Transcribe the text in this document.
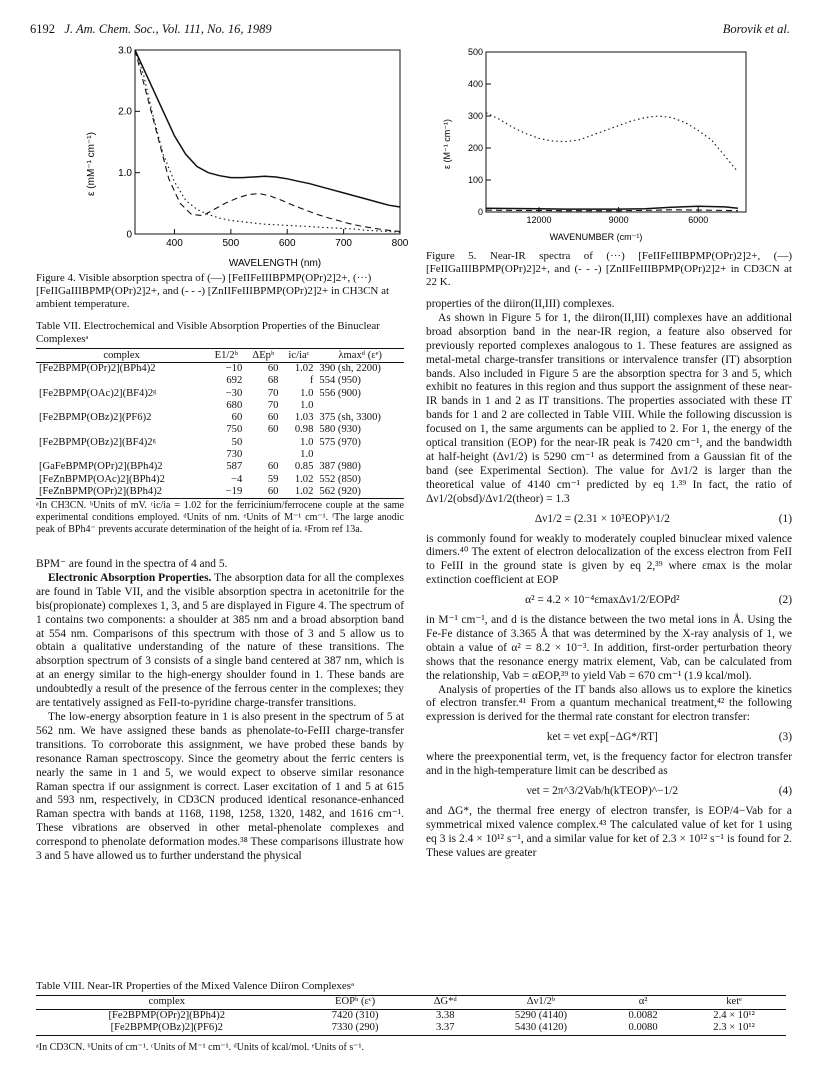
6192 J. Am. Chem. Soc., Vol. 111, No. 16, 1989	Borovik et al.
400	500	600	700	800
0
1.0
2.0
3.0
WAVELENGTH (nm)
ε (mM⁻¹ cm⁻¹)
Figure 4. Visible absorption spectra of (—) [FeIIFeIIIBPMP(OPr)2]2+, (···) [FeIIGaIIIBPMP(OPr)2]2+, and (- - -) [ZnIIFeIIIBPMP(OPr)2]2+ in CH3CN at ambient temperature.
Table VII. Electrochemical and Visible Absorption Properties of the Binuclear Complexesᵃ
complex	E1/2ᵇ	ΔEpᵇ	ic/iaᶜ	λmaxᵈ (εᵉ)
[Fe2BPMP(OPr)2](BPh4)2	−10	60	1.02	390 (sh, 2200)
	692	68	f	554 (950)
[Fe2BPMP(OAc)2](BF4)2ᵍ	−30	70	1.0	556 (900)
	680	70	1.0	
[Fe2BPMP(OBz)2](PF6)2	60	60	1.03	375 (sh, 3300)
	750	60	0.98	580 (930)
[Fe2BPMP(OBz)2](BF4)2ᵍ	50		1.0	575 (970)
	730		1.0	
[GaFeBPMP(OPr)2](BPh4)2	587	60	0.85	387 (980)
[FeZnBPMP(OAc)2](BPh4)2	−4	59	1.02	552 (850)
[FeZnBPMP(OPr)2](BPh4)2	−19	60	1.02	562 (920)
ᵃIn CH3CN. ᵇUnits of mV. ᶜic/ia = 1.02 for the ferricinium/ferrocene couple at the same experimental conditions employed. ᵈUnits of nm. ᵉUnits of M⁻¹ cm⁻¹. ᶠThe large anodic peak of BPh4⁻ prevents accurate determination of the height of ia. ᵍFrom ref 13a.

BPM⁻ are found in the spectra of 4 and 5.

Electronic Absorption Properties. The absorption data for all the complexes are found in Table VII, and the visible absorption spectra in acetonitrile for the bis(propionate) complexes 1, 3, and 5 are displayed in Figure 4. The spectrum of 1 contains two components: a shoulder at 385 nm and a broad absorption band at 554 nm. Comparisons of this spectrum with those of 3 and 5 allow us to obtain a qualitative understanding of the nature of these transitions. The absorption spectrum of 3 consists of a single band centered at 387 nm, which is at an energy similar to the high-energy shoulder found in 1. These bands are undoubtedly a result of the presence of the ferrous center in the complexes; they are tentatively assigned as FeII-to-pyridine charge-transfer transitions.

The low-energy absorption feature in 1 is also present in the spectrum of 5 at 562 nm. We have assigned these bands as phenolate-to-FeIII charge-transfer transitions. To corroborate this assignment, we have probed these bands by resonance Raman spectroscopy. Since the geometry about the ferric centers is nearly the same in 1 and 5, we would expect to observe similar resonance Raman spectra if our assignment is correct. Laser excitation of 1 and 5 at 615 and 593 nm, respectively, in CD3CN produced identical resonance-enhanced Raman spectra with bands at 1168, 1198, 1258, 1320, 1482, and 1616 cm⁻¹. These vibrations are observed in other metal-phenolate complexes and correspond to phenolate deformation modes.³⁸ These comparisons illustrate how 3 and 5 have allowed us to further understand the physical

12000	9000	6000
0
100
200
300
400
500
WAVENUMBER (cm⁻¹)
ε (M⁻¹ cm⁻¹)
Figure 5. Near-IR spectra of (···) [FeIIFeIIIBPMP(OPr)2]2+, (—) [FeIIGaIIIBPMP(OPr)2]2+, and (- - -) [ZnIIFeIIIBPMP(OPr)2]2+ in CD3CN at 22 K.

properties of the diiron(II,III) complexes.

As shown in Figure 5 for 1, the diiron(II,III) complexes have an additional broad absorption band in the near-IR region, a feature also observed for previously reported complexes analogous to 1. These features are assigned as metal-metal charge-transfer transitions or intervalence transfer (IT) absorption bands. Also included in Figure 5 are the absorption spectra for 3 and 5, which exhibit no features in this region and thus support the assignment of these near-IR bands in 1 and 2 as IT transitions. The properties associated with these IT bands for 1 and 2 are collected in Table VIII. While the following discussion is focused on 1, the same arguments can be applied to 2. For 1, the energy of the optical transition (EOP) for the near-IR peak is 7420 cm⁻¹, and the bandwidth at half-height (Δν1/2) is 5290 cm⁻¹ as determined from a Gaussian fit of the band (see Experimental Section). The value for Δν1/2 is larger than the theoretical value of 4140 cm⁻¹ predicted by eq 1.³⁹ In fact, the ratio of Δν1/2(obsd)/Δν1/2(theor) = 1.3

Δν1/2 = (2.31 × 10³EOP)^1/2	(1)

is commonly found for weakly to moderately coupled binuclear mixed valence dimers.⁴⁰ The extent of electron delocalization of the excess electron from FeII to FeIII in the ground state is given by eq 2,³⁹ where εmax is the molar extinction coefficient at EOP

α² = 4.2 × 10⁻⁴εmaxΔν1/2/EOPd²	(2)

in M⁻¹ cm⁻¹, and d is the distance between the two metal ions in Å. Using the Fe-Fe distance of 3.365 Å that was determined by the X-ray analysis of 1, we obtain a value of α² = 8.2 × 10⁻³. In addition, first-order perturbation theory shows that the resonance energy matrix element, Vab, can be calculated from the relationship, Vab = αEOP,³⁹ to yield Vab = 670 cm⁻¹ (1.9 kcal/mol).

Analysis of properties of the IT bands also allows us to explore the kinetics of electron transfer.⁴¹ From a quantum mechanical treatment,⁴² the following expression is derived for the thermal rate constant for electron transfer:

ket = νet exp[−ΔG*/RT]	(3)

where the preexponential term, νet, is the frequency factor for electron transfer and in the high-temperature limit can be described as

νet = 2π^3/2Vab/h(kTEOP)^−1/2	(4)

and ΔG*, the thermal free energy of electron transfer, is EOP/4−Vab for a symmetrical mixed valence complex.⁴³ The calculated value of ket for 1 using eq 3 is 2.4 × 10¹² s⁻¹, and a similar value for ket of 2.3 × 10¹² s⁻¹ is found for 2. These values are greater

Table VIII. Near-IR Properties of the Mixed Valence Diiron Complexesᵃ
complex	EOPᵇ (εᶜ)	ΔG*ᵈ	Δν1/2ᵇ	α²	ketᵉ
[Fe2BPMP(OPr)2](BPh4)2	7420 (310)	3.38	5290 (4140)	0.0082	2.4 × 10¹²
[Fe2BPMP(OBz)2](PF6)2	7330 (290)	3.37	5430 (4120)	0.0080	2.3 × 10¹²
ᵃIn CD3CN. ᵇUnits of cm⁻¹. ᶜUnits of M⁻¹ cm⁻¹. ᵈUnits of kcal/mol. ᵉUnits of s⁻¹.
